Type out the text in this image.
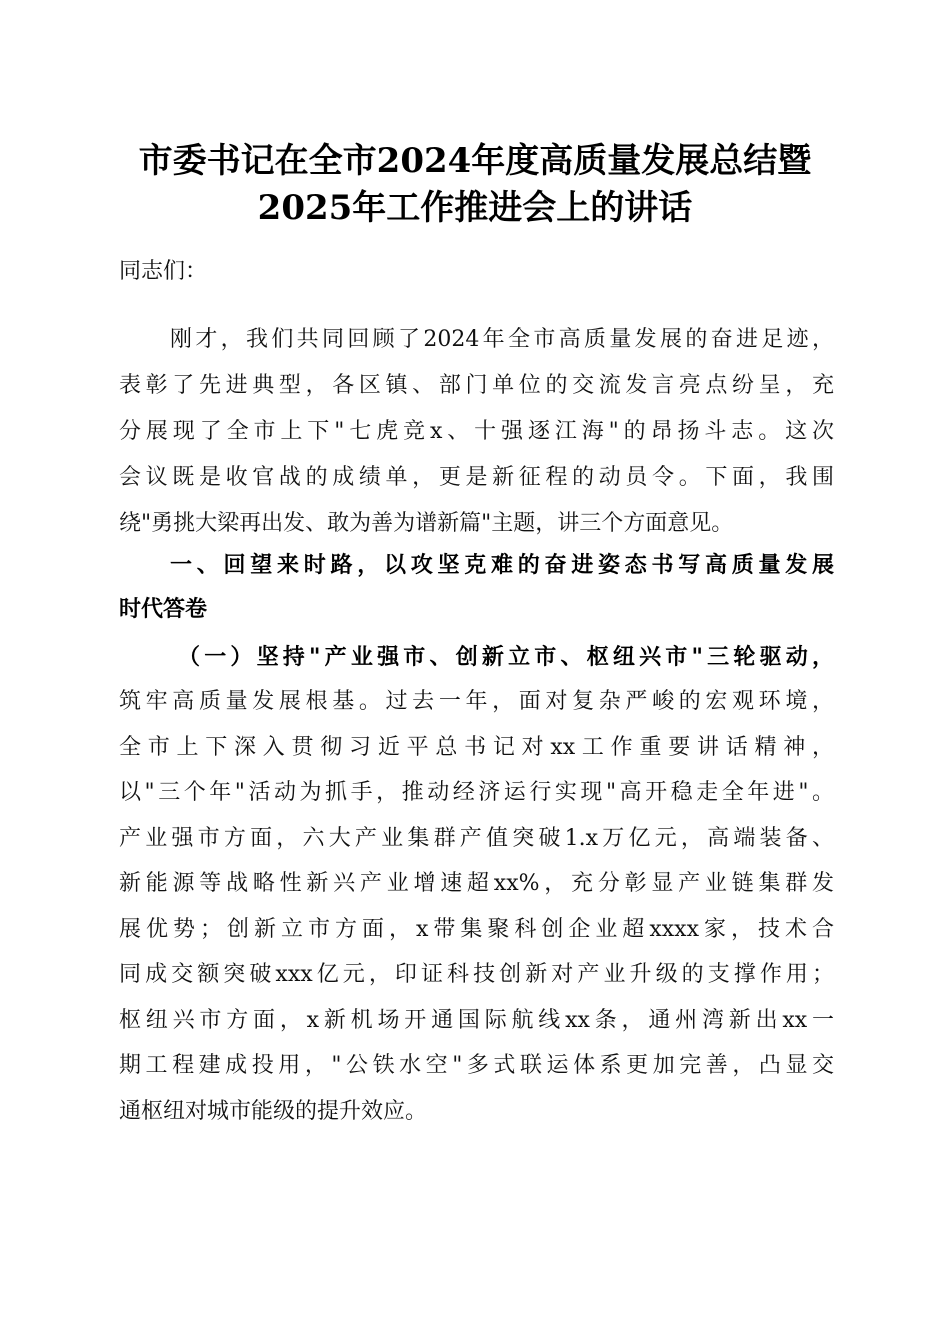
市委书记在全市2024年度高质量发展总结暨
2025年工作推进会上的讲话
同志们：
刚才，我们共同回顾了2024年全市高质量发展的奋进足迹，
表彰了先进典型，各区镇、部门单位的交流发言亮点纷呈，充
分展现了全市上下"七虎竞x、十强逐江海"的昂扬斗志。这次
会议既是收官战的成绩单，更是新征程的动员令。下面，我围
绕"勇挑大梁再出发、敢为善为谱新篇"主题，讲三个方面意见。
一、回望来时路，以攻坚克难的奋进姿态书写高质量发展
时代答卷
（一）坚持"产业强市、创新立市、枢纽兴市"三轮驱动，
筑牢高质量发展根基。过去一年，面对复杂严峻的宏观环境，
全市上下深入贯彻习近平总书记对xx工作重要讲话精神，
以"三个年"活动为抓手，推动经济运行实现"高开稳走全年进"。
产业强市方面，六大产业集群产值突破1.x万亿元，高端装备、
新能源等战略性新兴产业增速超xx%，充分彰显产业链集群发
展优势；创新立市方面，x带集聚科创企业超xxxx家，技术合
同成交额突破xxx亿元，印证科技创新对产业升级的支撑作用；
枢纽兴市方面，x新机场开通国际航线xx条，通州湾新出xx一
期工程建成投用，"公铁水空"多式联运体系更加完善，凸显交
通枢纽对城市能级的提升效应。
